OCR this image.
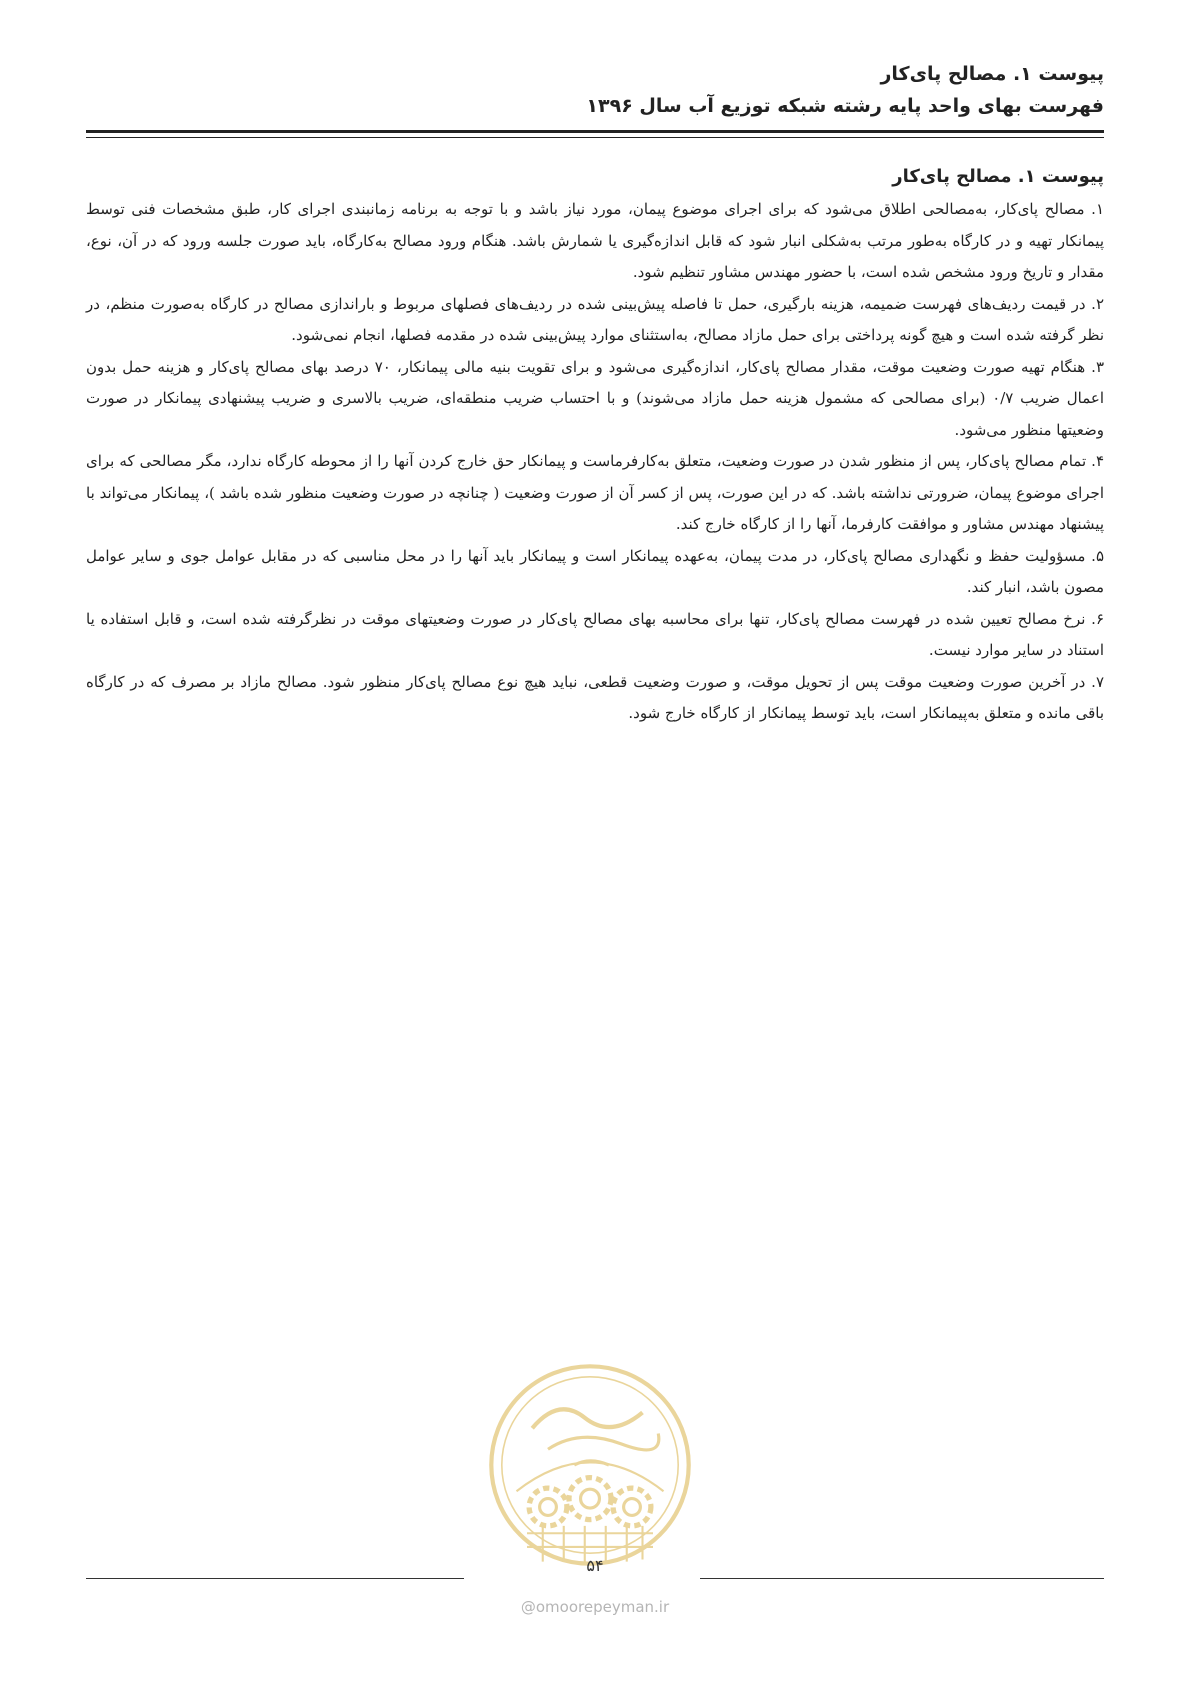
پیوست ۱. مصالح پای‌کار
فهرست بهای واحد پایه رشته شبکه توزیع آب سال ۱۳۹۶
پیوست ۱. مصالح پای‌کار

۱. مصالح پای‌کار، به‌مصالحی اطلاق می‌شود که برای اجرای موضوع پیمان، مورد نیاز باشد و با توجه به برنامه زمانبندی اجرای کار، طبق مشخصات فنی توسط پیمانکار تهیه و در کارگاه به‌طور مرتب به‌شکلی انبار شود که قابل اندازه‌گیری یا شمارش باشد. هنگام ورود مصالح به‌کارگاه، باید صورت جلسه ورود که در آن، نوع، مقدار و تاریخ ورود مشخص شده است، با حضور مهندس مشاور تنظیم شود.

۲. در قیمت ردیف‌های فهرست ضمیمه، هزینه بارگیری، حمل تا فاصله پیش‌بینی شده در ردیف‌های فصلهای مربوط و باراندازی مصالح در کارگاه به‌صورت منظم، در نظر گرفته شده است و هیچ گونه پرداختی برای حمل مازاد مصالح، به‌استثنای موارد پیش‌بینی شده در مقدمه فصلها، انجام نمی‌شود.

۳. هنگام تهیه صورت وضعیت موقت، مقدار مصالح پای‌کار، اندازه‌گیری می‌شود و برای تقویت بنیه مالی پیمانکار، ۷۰ درصد بهای مصالح پای‌کار و هزینه حمل بدون اعمال ضریب ۰/۷ (برای مصالحی که مشمول هزینه حمل مازاد می‌شوند) و با احتساب ضریب منطقه‌ای، ضریب بالاسری و ضریب پیشنهادی پیمانکار در صورت وضعیتها منظور می‌شود.

۴. تمام مصالح پای‌کار، پس از منظور شدن در صورت وضعیت، متعلق به‌کارفرماست و پیمانکار حق خارج کردن آنها را از محوطه کارگاه ندارد، مگر مصالحی که برای اجرای موضوع پیمان، ضرورتی نداشته باشد. که در این صورت، پس از کسر آن از صورت وضعیت ( چنانچه در صورت وضعیت منظور شده باشد )، پیمانکار می‌تواند با پیشنهاد مهندس مشاور و موافقت کارفرما، آنها را از کارگاه خارج کند.

۵. مسؤولیت حفظ و نگهداری مصالح پای‌کار، در مدت پیمان، به‌عهده پیمانکار است و پیمانکار باید آنها را در محل مناسبی که در مقابل عوامل جوی و سایر عوامل مصون باشد، انبار کند.

۶. نرخ مصالح تعیین شده در فهرست مصالح پای‌کار، تنها برای محاسبه بهای مصالح پای‌کار در صورت وضعیتهای موقت در نظرگرفته شده است، و قابل استفاده یا استناد در سایر موارد نیست.

۷. در آخرین صورت وضعیت موقت پس از تحویل موقت، و صورت وضعیت قطعی، نباید هیچ نوع مصالح پای‌کار منظور شود. مصالح مازاد بر مصرف که در کارگاه باقی مانده و متعلق به‌پیمانکار است، باید توسط پیمانکار از کارگاه خارج شود.

۵۴
@omoorepeyman.ir
